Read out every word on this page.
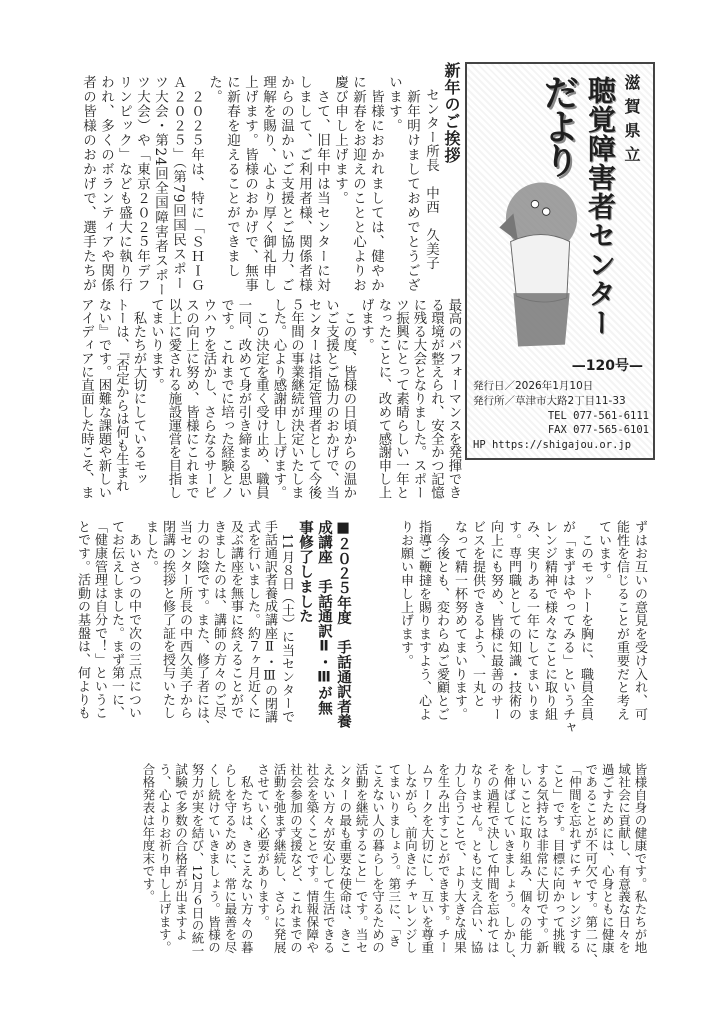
滋賀県立
聴覚障害者センター
だより
—120号—
発行日／2026年1月10日
発行所／草津市大路2丁目11-33
TEL 077-561-6111
FAX 077-565-6101
HP https://shigajou.or.jp
新年のご挨拶
センター所長　中西　久美子
　新年明けましておめでとうござ
います。
　皆様におかれましては、健やか
に新春をお迎えのことと心よりお
慶び申し上げます。
　さて、旧年中は当センターに対
しまして、ご利用者様、関係者様
からの温かいご支援とご協力、ご
理解を賜り、心より厚く御礼申し
上げます。皆様のおかげで、無事
に新春を迎えることができまし
た。
　２０２５年は、特に「ＳＨＩＧ
Ａ２０２５」（第79回国民スポー
ツ大会・第24回全国障害者スポー
ツ大会）や「東京２０２５年デフ
リンピック」なども盛大に執り行
われ、多くのボランティアや関係
者の皆様のおかげで、選手たちが
最高のパフォーマンスを発揮でき
る環境が整えられ、安全かつ記憶
に残る大会となりました。スポー
ツ振興にとって素晴らしい一年と
なったことに、改めて感謝申し上
げます。
　この度、皆様の日頃からの温か
いご支援とご協力のおかげで、当
センターは指定管理者として今後
５年間の事業継続が決定いたしま
した。心より感謝申し上げます。
　この決定を重く受け止め、職員
一同、改めて身が引き締まる思い
です。これまでに培った経験とノ
ウハウを活かし、さらなるサービ
スの向上に努め、皆様にこれまで
以上に愛される施設運営を目指し
てまいります。
　私たちが大切にしているモッ
トーは、『否定からは何も生まれ
ない』です。困難な課題や新しい
アイディアに直面した時こそ、ま
ずはお互いの意見を受け入れ、可
能性を信じることが重要だと考え
ています。
　このモットーを胸に、職員全員
が「まずはやってみる」というチャ
レンジ精神で様々なことに取り組
み、実りある一年にしてまいりま
す。専門職としての知識・技術の
向上にも努め、皆様に最善のサー
ビスを提供できるよう、一丸と
なって精一杯努めてまいります。
　今後とも、変わらぬご愛顧とご
指導ご鞭撻を賜りますよう、心よ
りお願い申し上げます。
■２０２５年度　手話通訳者養
成講座　手話通訳Ⅱ・Ⅲが無
事修了しました
　11月８日（土）に当センターで
手話通訳者養成講座Ⅱ・Ⅲの閉講
式を行いました。約７ヶ月近くに
及ぶ講座を無事に終えることがで
きましたのは、講師の方々のご尽
力のお陰です。また、修了者には、
当センター所長の中西久美子から
閉講の挨拶と修了証を授与いたし
ました。
　あいさつの中で次の三点につい
てお伝えしました。まず第一に、
「健康管理は自分で！」というこ
とです。活動の基盤は、何よりも
皆様自身の健康です。私たちが地
域社会に貢献し、有意義な日々を
過ごすためには、心身ともに健康
であることが不可欠です。第二に、
「仲間を忘れずにチャレンジする
こと」です。目標に向かって挑戦
する気持ちは非常に大切です。新
しいことに取り組み、個々の能力
を伸ばしていきましょう。しかし、
その過程で決して仲間を忘れては
なりません。ともに支え合い、協
力し合うことで、より大きな成果
を生み出すことができます。チー
ムワークを大切にし、互いを尊重
しながら、前向きにチャレンジし
てまいりましょう。第三に、「き
こえない人の暮らしを守るための
活動を継続すること」です。当セ
ンターの最も重要な使命は、きこ
えない方々が安心して生活できる
社会を築くことです。情報保障や
社会参加の支援など、これまでの
活動を弛まず継続し、さらに発展
させていく必要があります。
　私たちは、きこえない方々の暮
らしを守るために、常に最善を尽
くし続けていきましょう。皆様の
努力が実を結び、12月６日の統一
試験で多数の合格者が出ますよ
う、心よりお祈り申し上げます。
合格発表は年度末です。
